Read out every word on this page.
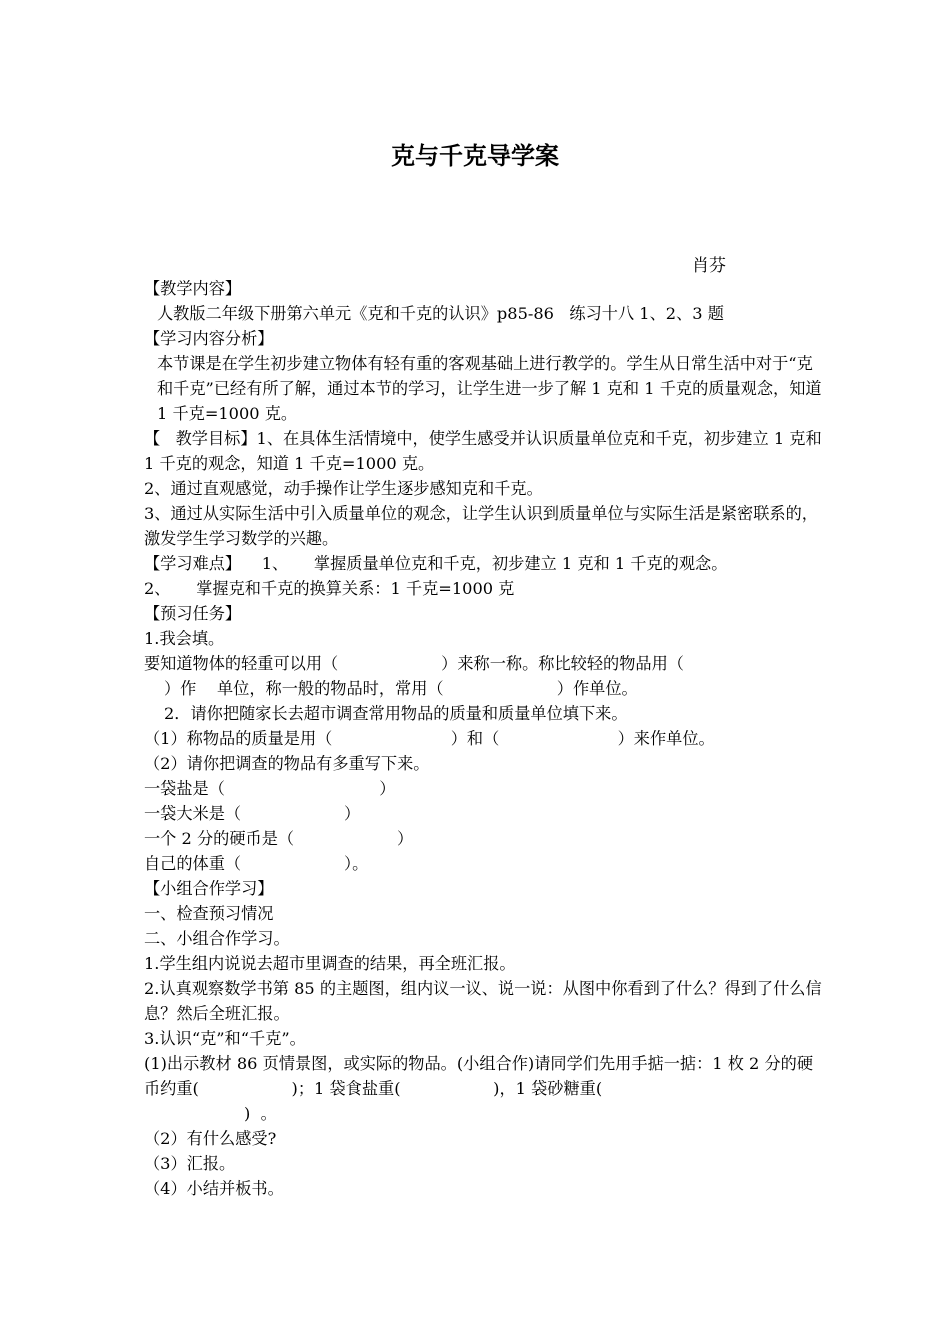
克与千克导学案
肖芬
【教学内容】
人教版二年级下册第六单元《克和千克的认识》p85-86   练习十八 1、2、3 题
【学习内容分析】
本节课是在学生初步建立物体有轻有重的客观基础上进行教学的。学生从日常生活中对于“克和千克”已经有所了解，通过本节的学习，让学生进一步了解 1 克和 1 千克的质量观念，知道 1 千克=1000 克。
【   教学目标】1、在具体生活情境中，使学生感受并认识质量单位克和千克，初步建立 1 克和 1 千克的观念，知道 1 千克=1000 克。
2、通过直观感觉，动手操作让学生逐步感知克和千克。
3、通过从实际生活中引入质量单位的观念，让学生认识到质量单位与实际生活是紧密联系的，激发学生学习数学的兴趣。
【学习难点】    1、     掌握质量单位克和千克，初步建立 1 克和 1 千克的观念。
2、     掌握克和千克的换算关系：1 千克=1000 克
【预习任务】
1.我会填。
要知道物体的轻重可以用（                    ）来称一称。称比较轻的物品用（
）作    单位，称一般的物品时，常用（                      ）作单位。
2．请你把随家长去超市调查常用物品的质量和质量单位填下来。
（1）称物品的质量是用（                       ）和（                       ）来作单位。
（2）请你把调查的物品有多重写下来。
一袋盐是（                              ）
一袋大米是（                    ）
一个 2 分的硬币是（                    ）
自己的体重（                    ）。
【小组合作学习】
一、检查预习情况
二、小组合作学习。
1.学生组内说说去超市里调查的结果，再全班汇报。
2.认真观察数学书第 85 的主题图，组内议一议、说一说：从图中你看到了什么？得到了什么信息？然后全班汇报。
3.认识“克”和“千克”。
(1)出示教材 86 页情景图，或实际的物品。(小组合作)请同学们先用手掂一掂：1 枚 2 分的硬币约重(                  )；1 袋食盐重(                  )，1 袋砂糖重(
)  。
（2）有什么感受?
（3）汇报。
（4）小结并板书。
